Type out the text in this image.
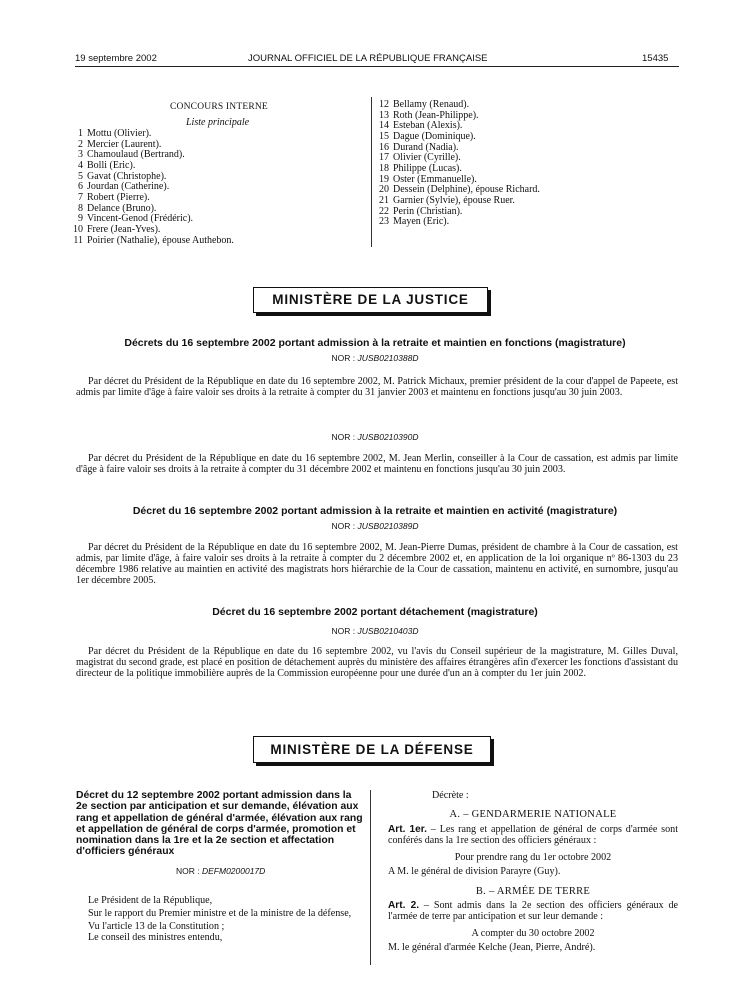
19 septembre 2002	JOURNAL OFFICIEL DE LA RÉPUBLIQUE FRANÇAISE	15435
CONCOURS INTERNE
Liste principale
1 Mottu (Olivier).
2 Mercier (Laurent).
3 Chamoulaud (Bertrand).
4 Bolli (Eric).
5 Gavat (Christophe).
6 Jourdan (Catherine).
7 Robert (Pierre).
8 Delance (Bruno).
9 Vincent-Genod (Frédéric).
10 Frere (Jean-Yves).
11 Poirier (Nathalie), épouse Authebon.
12 Bellamy (Renaud).
13 Roth (Jean-Philippe).
14 Esteban (Alexis).
15 Dague (Dominique).
16 Durand (Nadia).
17 Olivier (Cyrille).
18 Philippe (Lucas).
19 Oster (Emmanuelle).
20 Dessein (Delphine), épouse Richard.
21 Garnier (Sylvie), épouse Ruer.
22 Perin (Christian).
23 Mayen (Eric).
MINISTÈRE DE LA JUSTICE
Décrets du 16 septembre 2002 portant admission à la retraite et maintien en fonctions (magistrature)
NOR : JUSB0210388D

Par décret du Président de la République en date du 16 septembre 2002, M. Patrick Michaux, premier président de la cour d'appel de Papeete, est admis par limite d'âge à faire valoir ses droits à la retraite à compter du 31 janvier 2003 et maintenu en fonctions jusqu'au 30 juin 2003.

NOR : JUSB0210390D

Par décret du Président de la République en date du 16 septembre 2002, M. Jean Merlin, conseiller à la Cour de cassation, est admis par limite d'âge à faire valoir ses droits à la retraite à compter du 31 décembre 2002 et maintenu en fonctions jusqu'au 30 juin 2003.

Décret du 16 septembre 2002 portant admission à la retraite et maintien en activité (magistrature)
NOR : JUSB0210389D

Par décret du Président de la République en date du 16 septembre 2002, M. Jean-Pierre Dumas, président de chambre à la Cour de cassation, est admis, par limite d'âge, à faire valoir ses droits à la retraite à compter du 2 décembre 2002 et, en application de la loi organique nº 86-1303 du 23 décembre 1986 relative au maintien en activité des magistrats hors hiérarchie de la Cour de cassation, maintenu en activité, en surnombre, jusqu'au 1er décembre 2005.

Décret du 16 septembre 2002 portant détachement (magistrature)
NOR : JUSB0210403D

Par décret du Président de la République en date du 16 septembre 2002, vu l'avis du Conseil supérieur de la magistrature, M. Gilles Duval, magistrat du second grade, est placé en position de détachement auprès du ministère des affaires étrangères afin d'exercer les fonctions d'assistant du directeur de la politique immobilière auprès de la Commission européenne pour une durée d'un an à compter du 1er juin 2002.

MINISTÈRE DE LA DÉFENSE

Décret du 12 septembre 2002 portant admission dans la 2e section par anticipation et sur demande, élévation aux rang et appellation de général d'armée, élévation aux rang et appellation de général de corps d'armée, promotion et nomination dans la 1re et la 2e section et affectation d'officiers généraux

NOR : DEFM0200017D

Le Président de la République,

Sur le rapport du Premier ministre et de la ministre de la défense,

Vu l'article 13 de la Constitution ;

Le conseil des ministres entendu,

Décrète :

A. – GENDARMERIE NATIONALE

Art. 1er. – Les rang et appellation de général de corps d'armée sont conférés dans la 1re section des officiers généraux :

Pour prendre rang du 1er octobre 2002

A M. le général de division Parayre (Guy).

B. – ARMÉE DE TERRE

Art. 2. – Sont admis dans la 2e section des officiers généraux de l'armée de terre par anticipation et sur leur demande :

A compter du 30 octobre 2002

M. le général d'armée Kelche (Jean, Pierre, André).
